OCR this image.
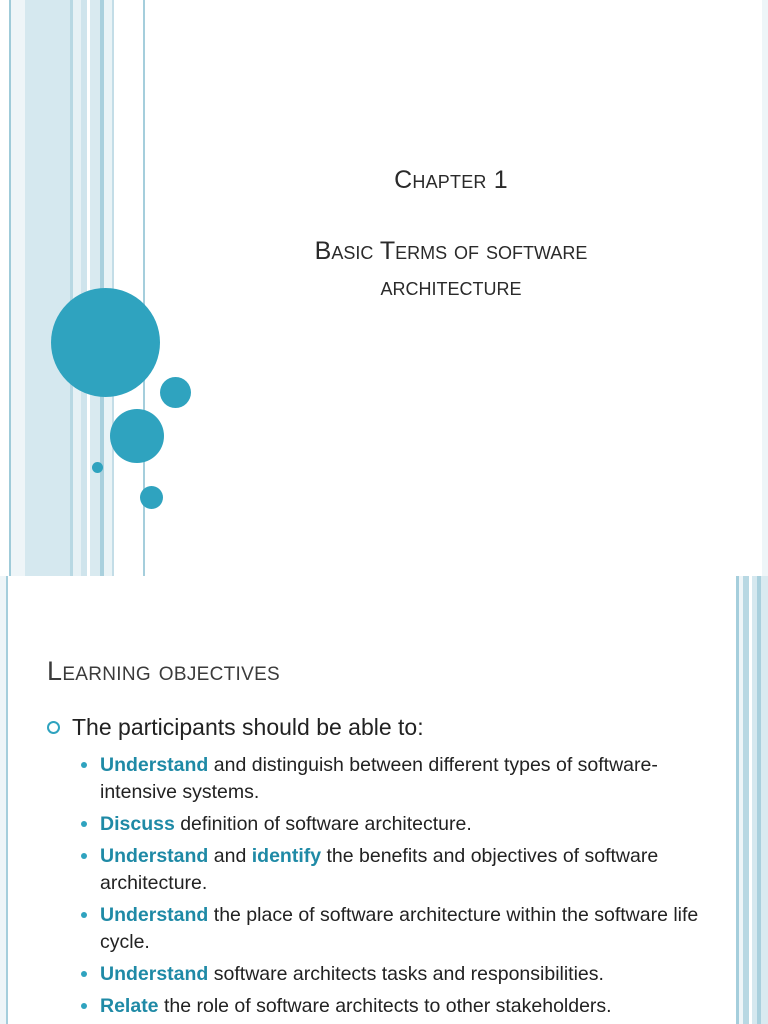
Chapter 1
Basic Terms of software
architecture
Learning objectives
The participants should be able to:
Understand and distinguish between different types of software-intensive systems.
Discuss definition of software architecture.
Understand and identify the benefits and objectives of software architecture.
Understand the place of software architecture within the software life cycle.
Understand software architects tasks and responsibilities.
Relate the role of software architects to other stakeholders.
